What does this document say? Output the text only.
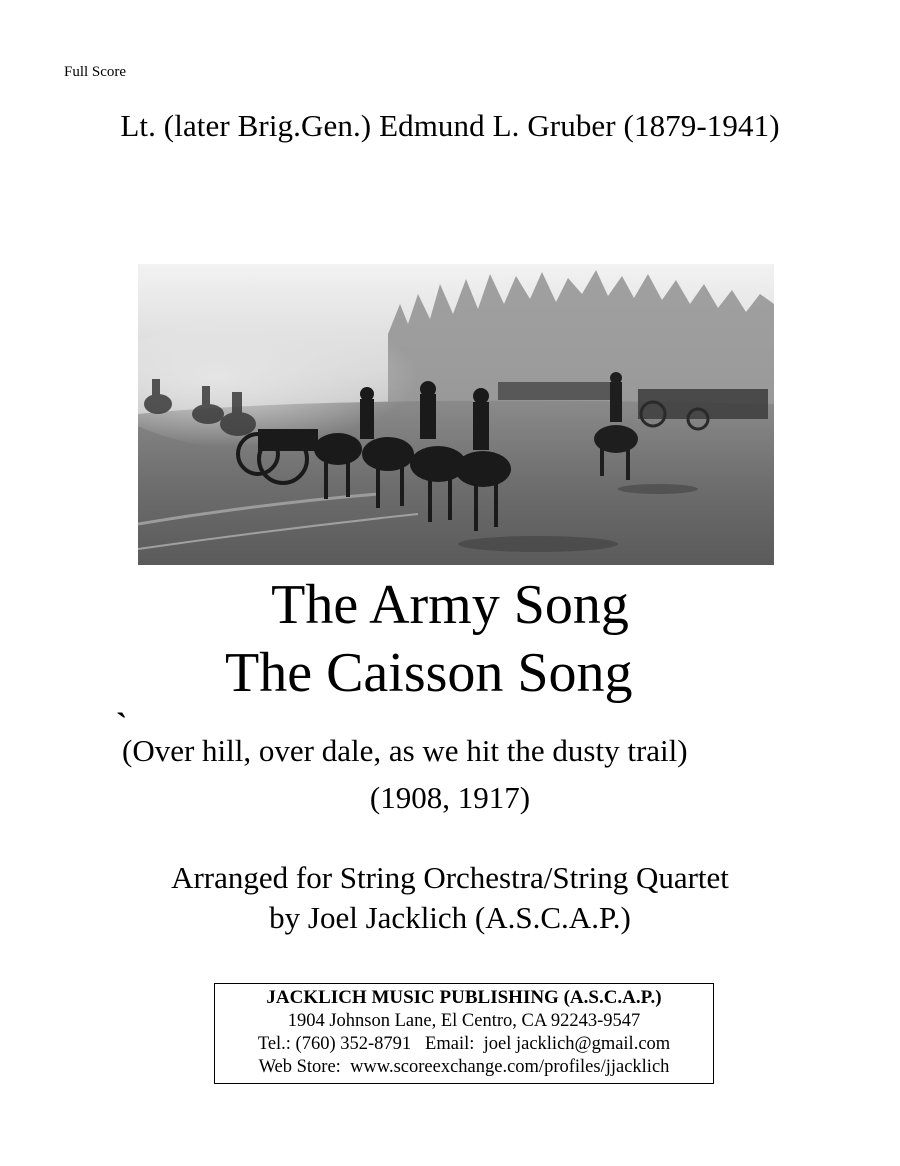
Full Score
Lt. (later Brig.Gen.) Edmund L. Gruber (1879-1941)
The Army Song
The Caisson Song
`
(Over hill, over dale, as we hit the dusty trail)
(1908, 1917)
Arranged for String Orchestra/String Quartet
by Joel Jacklich (A.S.C.A.P.)
JACKLICH MUSIC PUBLISHING (A.S.C.A.P.)
1904 Johnson Lane, El Centro, CA 92243-9547
Tel.: (760) 352-8791   Email:  joel jacklich@gmail.com
Web Store:  www.scoreexchange.com/profiles/jjacklich
